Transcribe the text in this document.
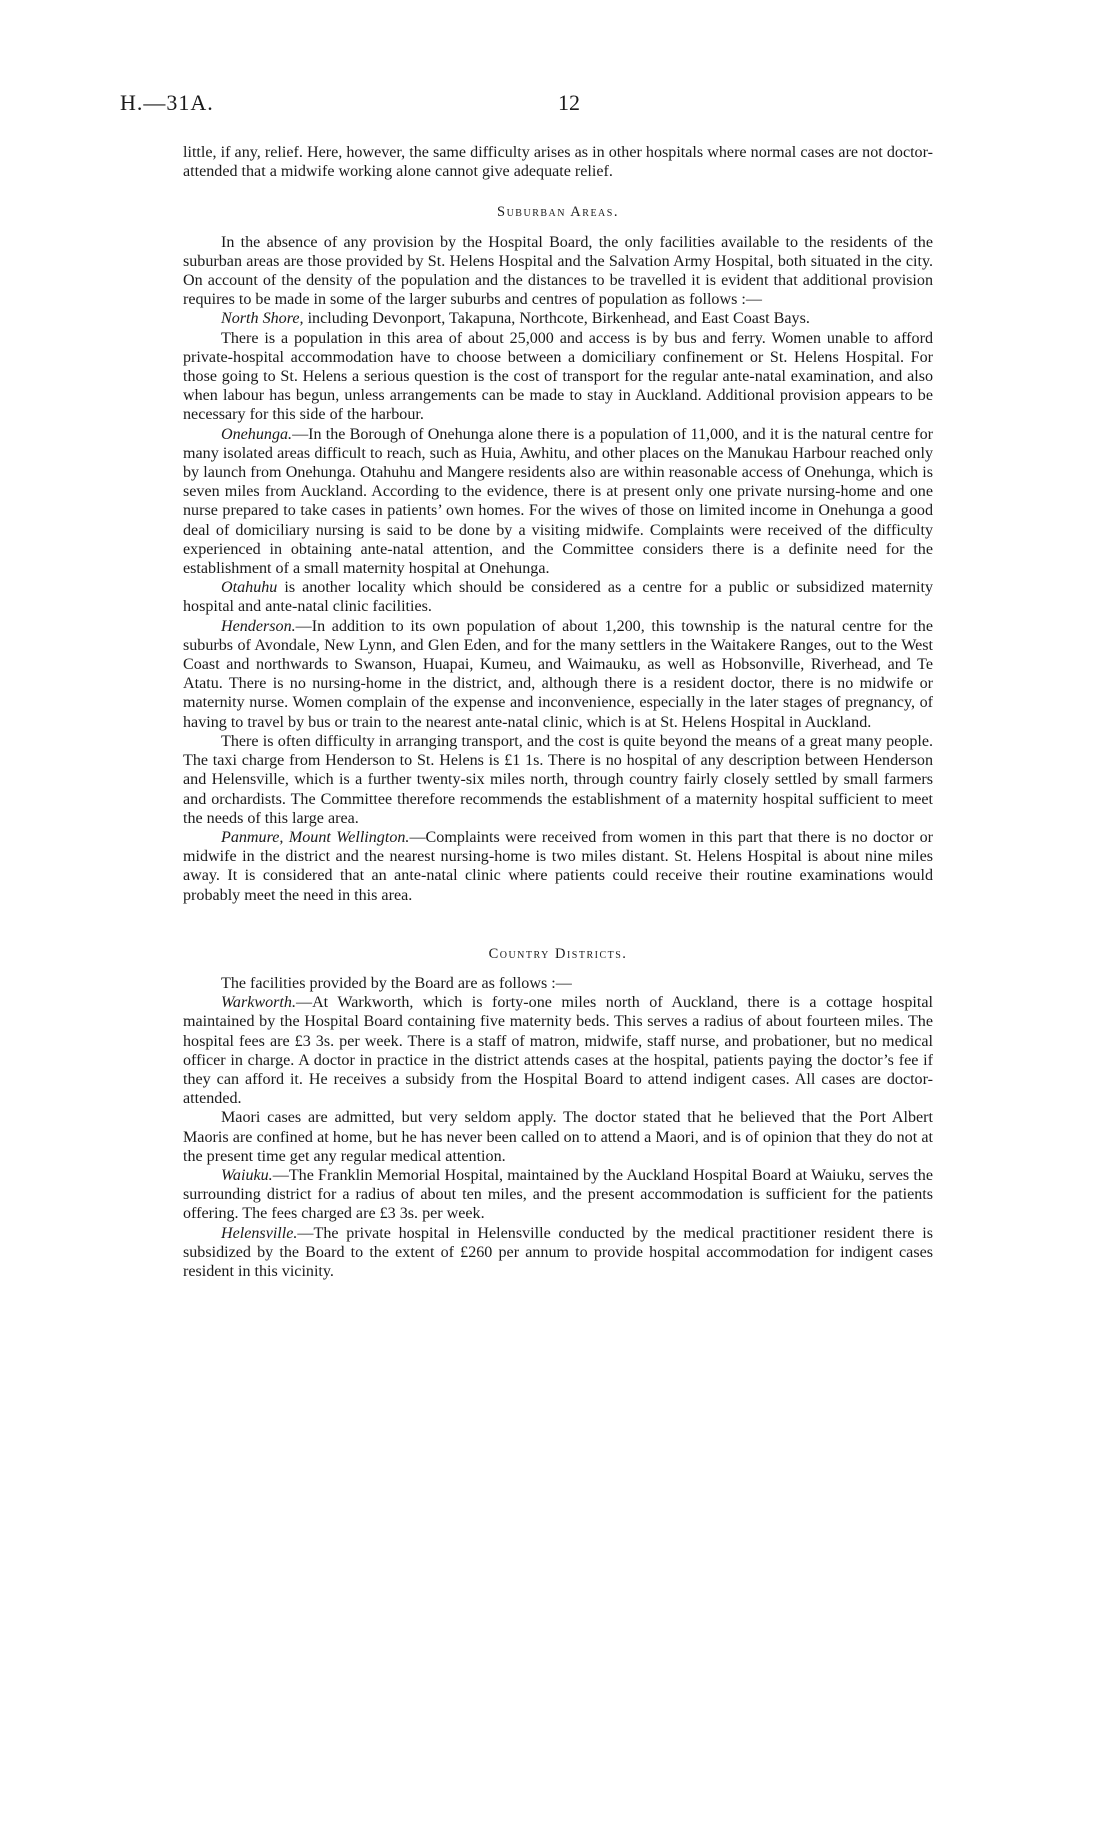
H.—31A.	12

little, if any, relief. Here, however, the same difficulty arises as in other hospitals where normal cases are not doctor-attended that a midwife working alone cannot give adequate relief.

Suburban Areas.

In the absence of any provision by the Hospital Board, the only facilities available to the residents of the suburban areas are those provided by St. Helens Hospital and the Salvation Army Hospital, both situated in the city. On account of the density of the population and the distances to be travelled it is evident that additional provision requires to be made in some of the larger suburbs and centres of population as follows :—

North Shore, including Devonport, Takapuna, Northcote, Birkenhead, and East Coast Bays.

There is a population in this area of about 25,000 and access is by bus and ferry. Women unable to afford private-hospital accommodation have to choose between a domiciliary confinement or St. Helens Hospital. For those going to St. Helens a serious question is the cost of transport for the regular ante-natal examination, and also when labour has begun, unless arrangements can be made to stay in Auckland. Additional provision appears to be necessary for this side of the harbour.

Onehunga.—In the Borough of Onehunga alone there is a population of 11,000, and it is the natural centre for many isolated areas difficult to reach, such as Huia, Awhitu, and other places on the Manukau Harbour reached only by launch from Onehunga. Otahuhu and Mangere residents also are within reasonable access of Onehunga, which is seven miles from Auckland. According to the evidence, there is at present only one private nursing-home and one nurse prepared to take cases in patients’ own homes. For the wives of those on limited income in Onehunga a good deal of domiciliary nursing is said to be done by a visiting midwife. Complaints were received of the difficulty experienced in obtaining ante-natal attention, and the Committee considers there is a definite need for the establishment of a small maternity hospital at Onehunga.

Otahuhu is another locality which should be considered as a centre for a public or subsidized maternity hospital and ante-natal clinic facilities.

Henderson.—In addition to its own population of about 1,200, this township is the natural centre for the suburbs of Avondale, New Lynn, and Glen Eden, and for the many settlers in the Waitakere Ranges, out to the West Coast and northwards to Swanson, Huapai, Kumeu, and Waimauku, as well as Hobsonville, Riverhead, and Te Atatu. There is no nursing-home in the district, and, although there is a resident doctor, there is no midwife or maternity nurse. Women complain of the expense and inconvenience, especially in the later stages of pregnancy, of having to travel by bus or train to the nearest ante-natal clinic, which is at St. Helens Hospital in Auckland.

There is often difficulty in arranging transport, and the cost is quite beyond the means of a great many people. The taxi charge from Henderson to St. Helens is £1 1s. There is no hospital of any description between Henderson and Helensville, which is a further twenty-six miles north, through country fairly closely settled by small farmers and orchardists. The Committee therefore recommends the establishment of a maternity hospital sufficient to meet the needs of this large area.

Panmure, Mount Wellington.—Complaints were received from women in this part that there is no doctor or midwife in the district and the nearest nursing-home is two miles distant. St. Helens Hospital is about nine miles away. It is considered that an ante-natal clinic where patients could receive their routine examinations would probably meet the need in this area.

Country Districts.

The facilities provided by the Board are as follows :—

Warkworth.—At Warkworth, which is forty-one miles north of Auckland, there is a cottage hospital maintained by the Hospital Board containing five maternity beds. This serves a radius of about fourteen miles. The hospital fees are £3 3s. per week. There is a staff of matron, midwife, staff nurse, and probationer, but no medical officer in charge. A doctor in practice in the district attends cases at the hospital, patients paying the doctor’s fee if they can afford it. He receives a subsidy from the Hospital Board to attend indigent cases. All cases are doctor-attended.

Maori cases are admitted, but very seldom apply. The doctor stated that he believed that the Port Albert Maoris are confined at home, but he has never been called on to attend a Maori, and is of opinion that they do not at the present time get any regular medical attention.

Waiuku.—The Franklin Memorial Hospital, maintained by the Auckland Hospital Board at Waiuku, serves the surrounding district for a radius of about ten miles, and the present accommodation is sufficient for the patients offering. The fees charged are £3 3s. per week.

Helensville.—The private hospital in Helensville conducted by the medical practitioner resident there is subsidized by the Board to the extent of £260 per annum to provide hospital accommodation for indigent cases resident in this vicinity.
